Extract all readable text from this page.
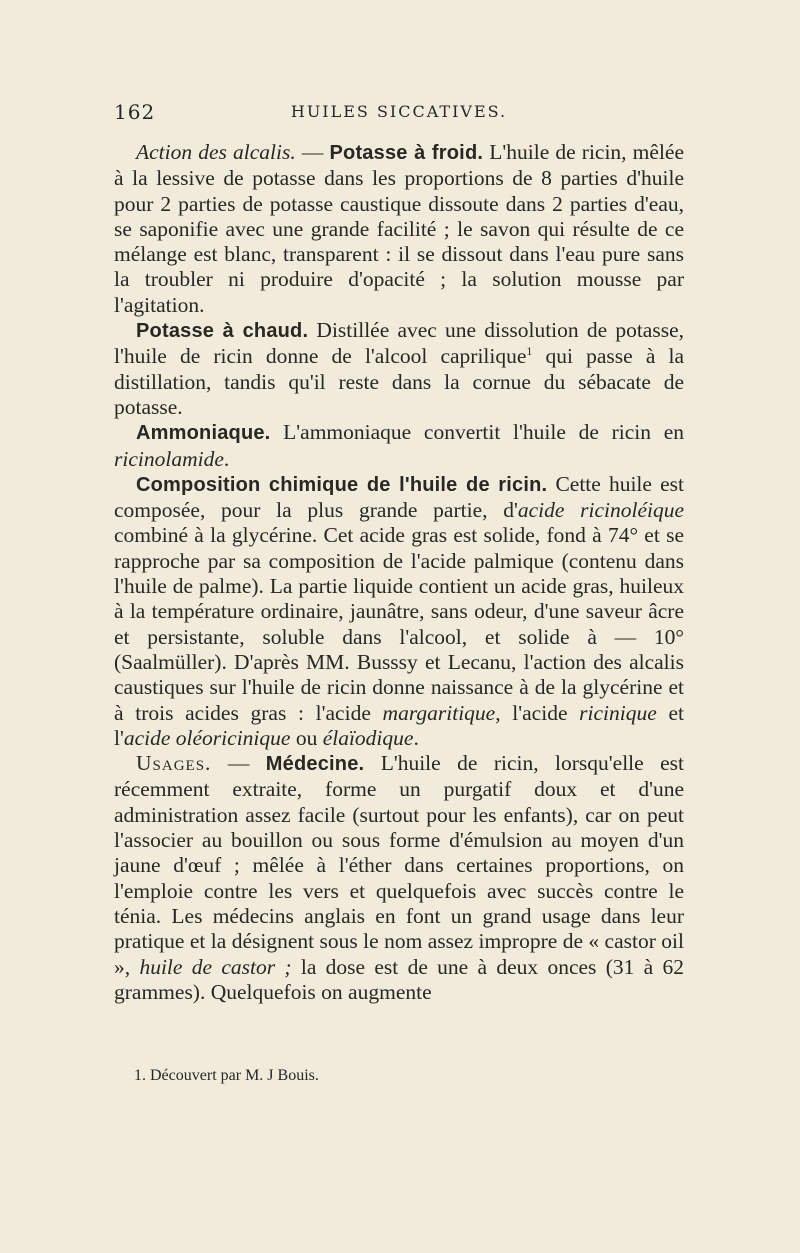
162	HUILES SICCATIVES.

Action des alcalis. — Potasse à froid. L'huile de ricin, mêlée à la lessive de potasse dans les proportions de 8 parties d'huile pour 2 parties de potasse caustique dissoute dans 2 parties d'eau, se saponifie avec une grande facilité ; le savon qui résulte de ce mélange est blanc, transparent : il se dissout dans l'eau pure sans la troubler ni produire d'opacité ; la solution mousse par l'agitation.

Potasse à chaud. Distillée avec une dissolution de potasse, l'huile de ricin donne de l'alcool caprilique$^1$ qui passe à la distillation, tandis qu'il reste dans la cornue du sébacate de potasse.

Ammoniaque. L'ammoniaque convertit l'huile de ricin en ricinolamide.

Composition chimique de l'huile de ricin. Cette huile est composée, pour la plus grande partie, d'acide ricinoléique combiné à la glycérine. Cet acide gras est solide, fond à 74° et se rapproche par sa composition de l'acide palmique (contenu dans l'huile de palme). La partie liquide contient un acide gras, huileux à la température ordinaire, jaunâtre, sans odeur, d'une saveur âcre et persistante, soluble dans l'alcool, et solide à — 10° (Saalmüller). D'après MM. Busssy et Lecanu, l'action des alcalis caustiques sur l'huile de ricin donne naissance à de la glycérine et à trois acides gras : l'acide margaritique, l'acide ricinique et l'acide oléoricinique ou élaïodique.

Usages. — Médecine. L'huile de ricin, lorsqu'elle est récemment extraite, forme un purgatif doux et d'une administration assez facile (surtout pour les enfants), car on peut l'associer au bouillon ou sous forme d'émulsion au moyen d'un jaune d'œuf ; mêlée à l'éther dans certaines proportions, on l'emploie contre les vers et quelquefois avec succès contre le ténia. Les médecins anglais en font un grand usage dans leur pratique et la désignent sous le nom assez impropre de « castor oil », huile de castor ; la dose est de une à deux onces (31 à 62 grammes). Quelquefois on augmente

1. Découvert par M. J Bouis.
